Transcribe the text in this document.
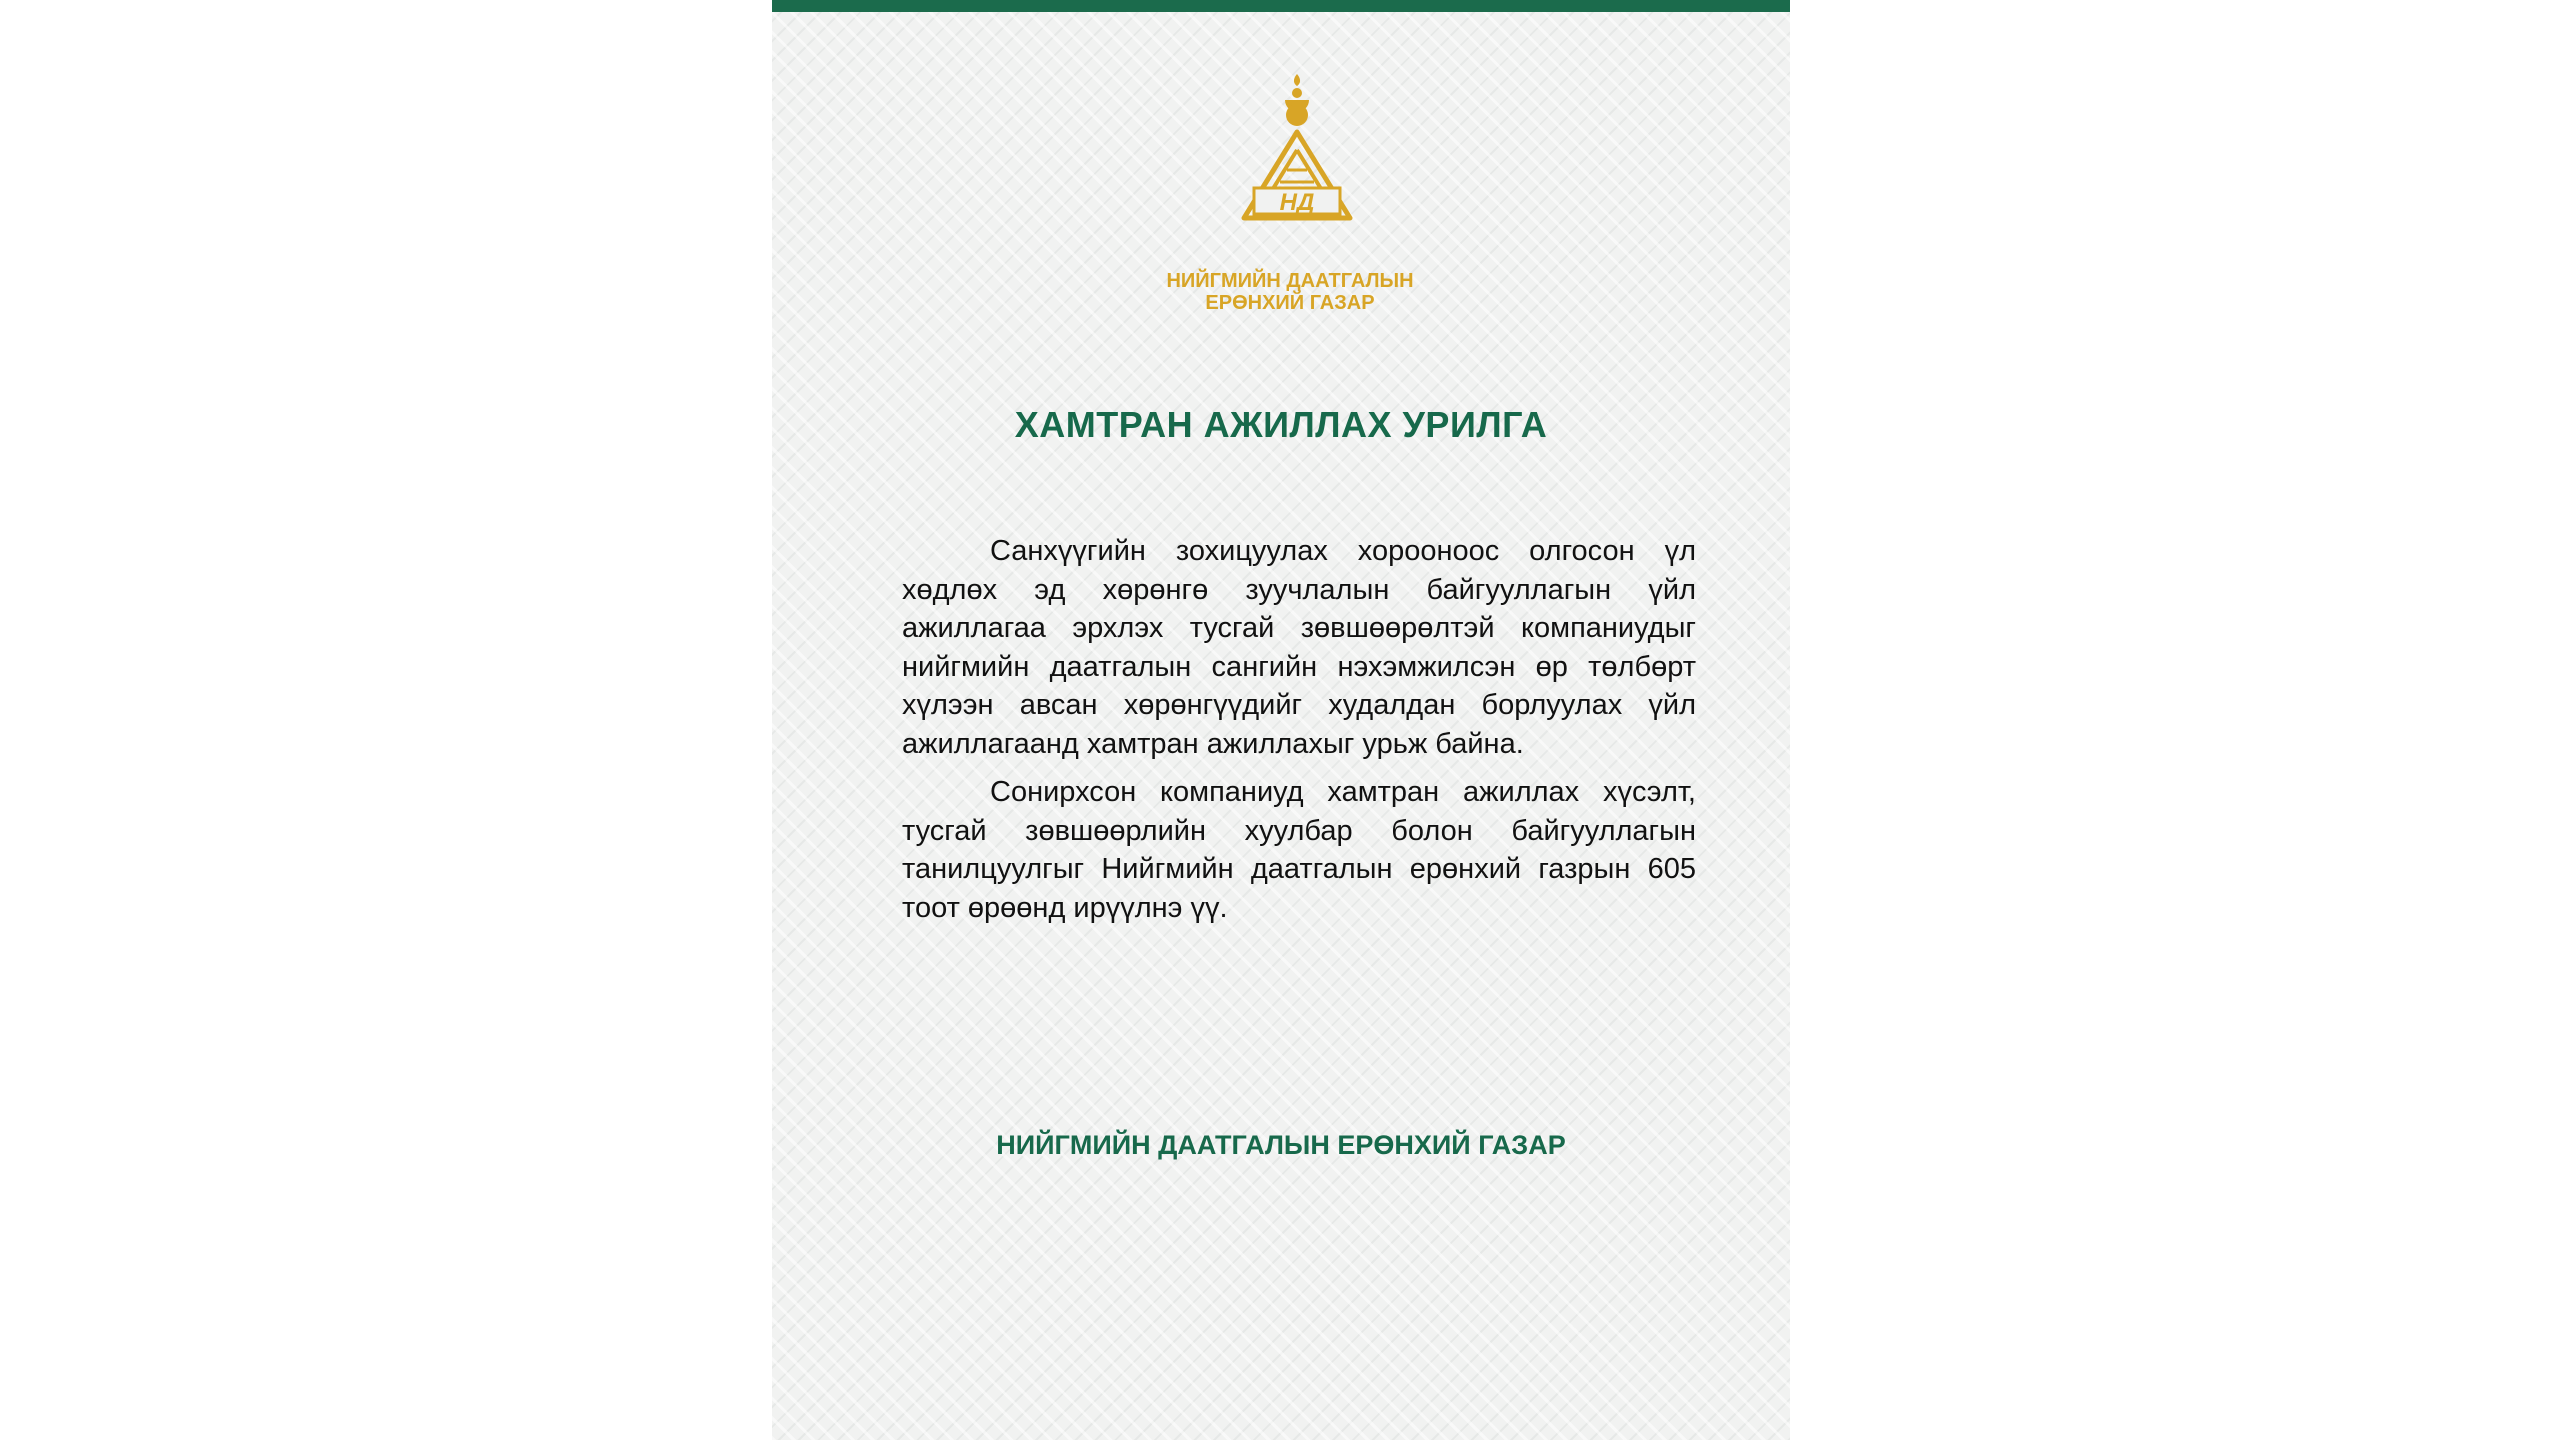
НД
НИЙГМИЙН ДААТГАЛЫН
ЕРӨНХИЙ ГАЗАР
ХАМТРАН АЖИЛЛАХ УРИЛГА

Санхүүгийн зохицуулах хорооноос олгосон үл хөдлөх эд хөрөнгө зуучлалын байгууллагын үйл ажиллагаа эрхлэх тусгай зөвшөөрөлтэй компаниудыг нийгмийн даатгалын сангийн нэхэмжилсэн өр төлбөрт хүлээн авсан хөрөнгүүдийг худалдан борлуулах үйл ажиллагаанд хамтран ажиллахыг урьж байна.

Сонирхсон компаниуд хамтран ажиллах хүсэлт, тусгай зөвшөөрлийн хуулбар болон байгууллагын танилцуулгыг Нийгмийн даатгалын ерөнхий газрын 605 тоот өрөөнд ирүүлнэ үү.

НИЙГМИЙН ДААТГАЛЫН ЕРӨНХИЙ ГАЗАР
